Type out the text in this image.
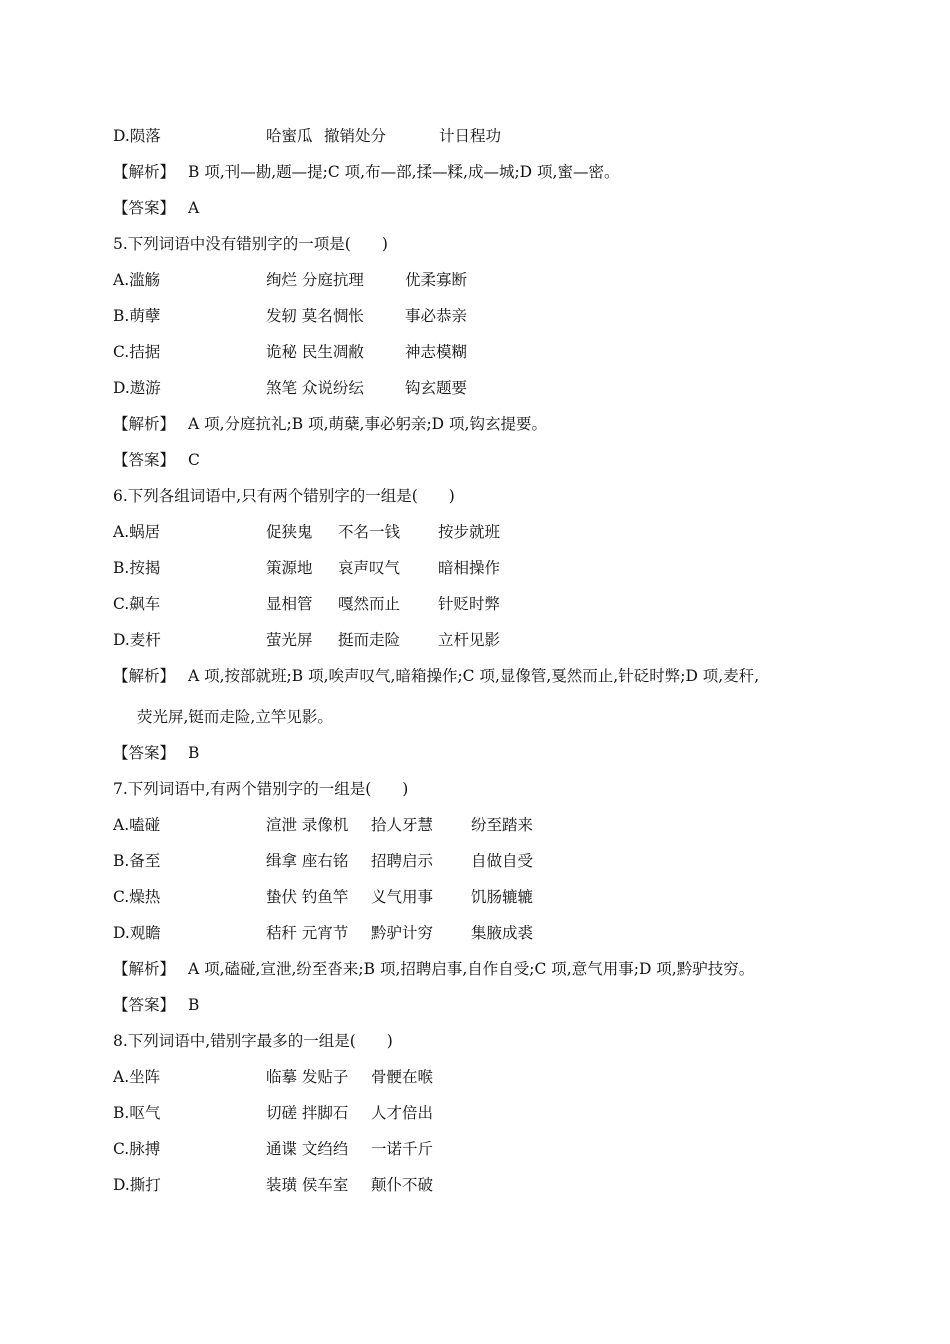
D.陨落	哈蜜瓜 撤销处分	计日程功
【解析】 B 项,刊—勘,题—提;C 项,布—部,揉—糅,成—城;D 项,蜜—密。
【答案】 A
5.下列词语中没有错别字的一项是(　　)
A.滥觞	绚烂 分庭抗理	优柔寡断
B.萌孽	发轫 莫名惆怅	事必恭亲
C.拮据	诡秘 民生凋敝	神志模糊
D.遨游	煞笔 众说纷纭	钩玄题要
【解析】 A 项,分庭抗礼;B 项,萌蘖,事必躬亲;D 项,钩玄提要。
【答案】 C
6.下列各组词语中,只有两个错别字的一组是(　　)
A.蜗居	促狭鬼 不名一钱 按步就班
B.按揭	策源地 哀声叹气 暗相操作
C.飙车	显相管 嘎然而止 针贬时弊
D.麦杆	萤光屏 挺而走险 立杆见影
【解析】 A 项,按部就班;B 项,唉声叹气,暗箱操作;C 项,显像管,戛然而止,针砭时弊;D 项,麦秆,
荧光屏,铤而走险,立竿见影。
【答案】 B
7.下列词语中,有两个错别字的一组是(　　)
A.嗑碰	渲泄 录像机 拾人牙慧 纷至踏来
B.备至	缉拿 座右铭 招聘启示 自做自受
C.燥热	蛰伏 钓鱼竿 义气用事 饥肠辘辘
D.观瞻	秸秆 元宵节 黔驴计穷 集腋成裘
【解析】 A 项,磕碰,宣泄,纷至沓来;B 项,招聘启事,自作自受;C 项,意气用事;D 项,黔驴技穷。
【答案】 B
8.下列词语中,错别字最多的一组是(　　)
A.坐阵	临摹 发贴子 骨骾在喉
B.呕气	切磋 拌脚石 人才倍出
C.脉搏	通谍 文绉绉 一诺千斤
D.撕打	装璜 侯车室 颠仆不破
